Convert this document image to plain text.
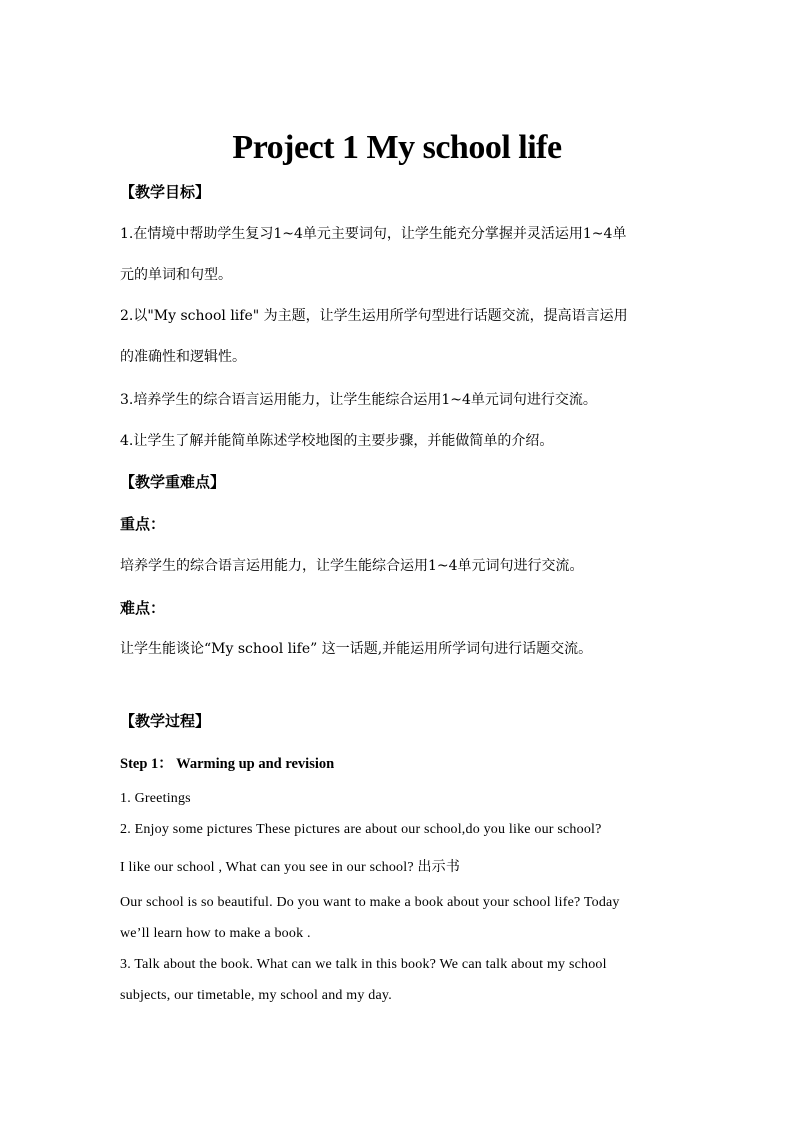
Project 1 My school life
【教学目标】
1.在情境中帮助学生复习1~4单元主要词句，让学生能充分掌握并灵活运用1~4单
元的单词和句型。
2.以"My school life" 为主题，让学生运用所学句型进行话题交流，提高语言运用
的准确性和逻辑性。
3.培养学生的综合语言运用能力，让学生能综合运用1~4单元词句进行交流。
4.让学生了解并能简单陈述学校地图的主要步骤，并能做简单的介绍。
【教学重难点】
重点：
培养学生的综合语言运用能力，让学生能综合运用1~4单元词句进行交流。
难点：
让学生能谈论“My school life” 这一话题,并能运用所学词句进行话题交流。
【教学过程】
Step 1： Warming up and revision
1. Greetings
2. Enjoy some pictures These pictures are about our school,do you like our school?
I like our school , What can you see in our school? 出示书
Our school is so beautiful. Do you want to make a book about your school life? Today
we’ll learn how to make a book .
3. Talk about the book. What can we talk in this book? We can talk about my school
subjects, our timetable, my school and my day.
